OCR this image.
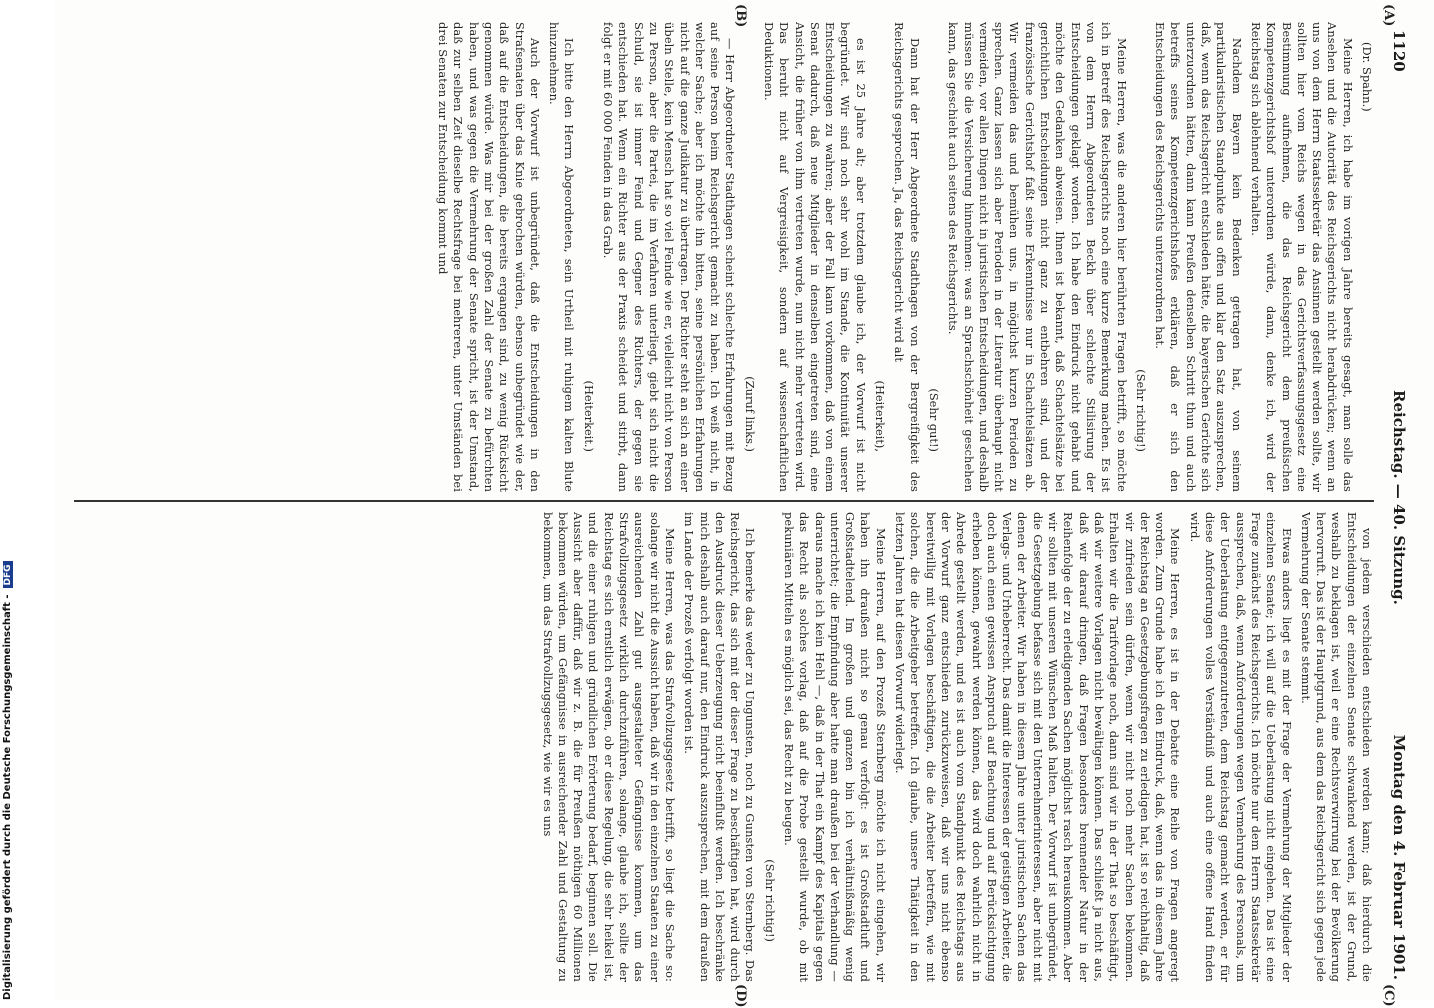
1120
Reichstag. — 40. Sitzung.
Montag den 4. Februar 1901.
(A)
(B)
(C)
(D)

(Dr. Spahn.)

Meine Herren, ich habe im vorigen Jahre bereits gesagt, man solle das Ansehen und die Autorität des Reichsgerichts nicht herabdrücken; wenn an uns von dem Herrn Staatssekretär das Ansinnen gestellt werden sollte, wir sollten hier vom Reichs wegen in das Gerichtsverfassungsgesetz eine Bestimmung aufnehmen, die das Reichsgericht dem preußischen Kompetenzgerichtshof unterordnen würde, dann, denke ich, wird der Reichstag sich ablehnend verhalten.

Nachdem Bayern kein Bedenken getragen hat, von seinem partikularistischen Standpunkte aus offen und klar den Satz auszusprechen, daß, wenn das Reichsgericht entschieden hätte, die bayerischen Gerichte sich unterzuordnen hätten, dann kann Preußen denselben Schritt thun und auch betreffs seines Kompetenzgerichtshofes erklären, daß er sich den Entscheidungen des Reichsgerichts unterzuordnen hat.

(Sehr richtig!)

Meine Herren, was die anderen hier berührten Fragen betrifft, so möchte ich in Betreff des Reichsgerichts noch eine kurze Bemerkung machen. Es ist von dem Herrn Abgeordneten Beckh über schlechte Stilisirung der Entscheidungen geklagt worden. Ich habe den Eindruck nicht gehabt und möchte den Gedanken abweisen. Ihnen ist bekannt, daß Schachtelsätze bei gerichtlichen Entscheidungen nicht ganz zu entbehren sind, und der französische Gerichtshof faßt seine Erkenntnisse nur in Schachtelsätzen ab. Wir vermeiden das und bemühen uns, in möglichst kurzen Perioden zu sprechen. Ganz lassen sich aber Perioden in der Literatur überhaupt nicht vermeiden, vor allen Dingen nicht in juristischen Entscheidungen, und deshalb müssen Sie die Versicherung hinnehmen: was an Sprachschönheit geschehen kann, das geschieht auch seitens des Reichsgerichts.

(Sehr gut!)

Dann hat der Herr Abgeordnete Stadthagen von der Bergreifigkeit des Reichsgerichts gesprochen. Ja, das Reichsgericht wird alt

(Heiterkeit),

es ist 25 Jahre alt; aber trotzdem glaube ich, der Vorwurf ist nicht begründet. Wir sind noch sehr wohl im Stande, die Kontinuität unserer Entscheidungen zu wahren; aber der Fall kann vorkommen, daß von einem Senat dadurch, daß neue Mitglieder in denselben eingetreten sind, eine Ansicht, die früher von ihm vertreten wurde, nun nicht mehr vertreten wird. Das beruht nicht auf Vergreisigkeit, sondern auf wissenschaftlichen Deduktionen.

(Zuruf links.)

— Herr Abgeordneter Stadthagen scheint schlechte Erfahrungen mit Bezug auf seine Person beim Reichsgericht gemacht zu haben. Ich weiß nicht, in welcher Sache; aber ich möchte ihn bitten, seine persönlichen Erfahrungen nicht auf die ganze Judikatur zu übertragen. Der Richter steht an sich an einer übeln Stelle, kein Mensch hat so viel Feinde wie er, vielleicht nicht von Person zu Person, aber die Partei, die im Verfahren unterliegt, giebt sich nicht die Schuld, sie ist immer Feind und Gegner des Richters, der gegen sie entschieden hat. Wenn ein Richter aus der Praxis scheidet und stirbt, dann folgt er mit 60 000 Feinden in das Grab.

(Heiterkeit.)

Ich bitte den Herrn Abgeordneten, sein Urtheil mit ruhigem kalten Blute hinzunehmen.

Auch der Vorwurf ist unbegründet, daß die Entscheidungen in den Strafsenaten über das Knie gebrochen würden, ebenso unbegründet wie der, daß auf die Entscheidungen, die bereits ergangen sind, zu wenig Rücksicht genommen würde. Was mir bei der großen Zahl der Senate zu befürchten haben, und was gegen die Vermehrung der Senate spricht, ist der Umstand, daß zur selben Zeit dieselbe Rechtsfrage bei mehreren, unter Umständen bei drei Senaten zur Entscheidung kommt und

von jedem verschieden entschieden werden kann; daß hierdurch die Entscheidungen der einzelnen Senate schwankend werden, ist der Grund, weshalb zu beklagen ist, weil er eine Rechtsverwirrung bei der Bevölkerung hervorruft. Das ist der Hauptgrund, aus dem das Reichsgericht sich gegen jede Vermehrung der Senate stemmt.

Etwas anders liegt es mit der Frage der Vermehrung der Mitglieder der einzelnen Senate; ich will auf die Ueberlastung nicht eingehen. Das ist eine Frage zunächst des Reichsgerichts. Ich möchte nur dem Herrn Staatssekretär aussprechen, daß, wenn Anforderungen wegen Vermehrung des Personals, um der Ueberlastung entgegenzutreten, dem Reichstag gemacht werden, er für diese Anforderungen volles Verständniß und auch eine offene Hand finden wird.

Meine Herren, es ist in der Debatte eine Reihe von Fragen angeregt worden. Zum Grunde habe ich den Eindruck, daß, wenn das in diesem Jahre der Reichstag an Gesetzgebungsfragen zu erledigen hat, ist so reichhaltig, daß wir zufrieden sein dürfen, wenn wir nicht noch mehr Sachen bekommen. Erhalten wir die Tarifvorlage noch, dann sind wir in der That so beschäftigt, daß wir weitere Vorlagen nicht bewältigen können. Das schließt ja nicht aus, daß wir darauf dringen, daß Fragen besonders brennender Natur in der Reihenfolge der zu erledigenden Sachen möglichst rasch herauskommen. Aber wir sollten mit unseren Wünschen Maß halten. Der Vorwurf ist unbegründet, die Gesetzgebung befasse sich mit den Unternehmerinteressen, aber nicht mit denen der Arbeiter. Wir haben in diesem Jahre unter juristischen Sachen das Verlags- und Urheberrecht. Das damit die Interessen der geistigen Arbeiter, die doch auch einen gewissen Anspruch auf Beachtung und auf Berücksichtigung erheben können, gewahrt werden können, das wird doch wahrlich nicht in Abrede gestellt werden, und es ist auch vom Standpunkt des Reichstags aus der Vorwurf ganz entschieden zurückzuweisen, daß wir uns nicht ebenso bereitwillig mit Vorlagen beschäftigen, die die Arbeiter betreffen, wie mit solchen, die die Arbeitgeber betreffen. Ich glaube, unsere Thätigkeit in den letzten Jahren hat diesen Vorwurf widerlegt.

Meine Herren, auf den Prozeß Sternberg möchte ich nicht eingehen, wir haben ihn draußen nicht so genau verfolgt: es ist Großstadtluft und Großstadtelend. Im großen und ganzen bin ich verhältnißmäßig wenig unterrichtet; die Empfindung aber hatte man draußen bei der Verhandlung — daraus mache ich kein Hehl —, daß in der That ein Kampf des Kapitals gegen das Recht als solches vorlag, daß auf die Probe gestellt wurde, ob mit pekuniären Mitteln es möglich sei, das Recht zu beugen.

(Sehr richtig!)

Ich bemerke das weder zu Ungunsten, noch zu Gunsten von Sternberg. Das Reichsgericht, das sich mit der dieser Frage zu beschäftigen hat, wird durch den Ausdruck dieser Ueberzeugung nicht beeinflußt werden. Ich beschränke mich deshalb auch darauf nur, den Eindruck auszusprechen, mit dem draußen im Lande der Prozeß verfolgt worden ist.

Meine Herren, was das Strafvollzugsgesetz betrifft, so liegt die Sache so: solange wir nicht die Aussicht haben, daß wir in den einzelnen Staaten zu einer ausreichenden Zahl gut ausgestalteter Gefängnisse kommen, um das Strafvollzugsgesetz wirklich durchzuführen, solange, glaube ich, sollte der Reichstag es sich ernstlich erwägen, ob er diese Regelung, die sehr heikel ist, und die einer ruhigen und gründlichen Erörterung bedarf, beginnen soll. Die Aussicht aber daffür, daß wir z. B. die für Preußen nöthigen 60 Millionen bekommen würden, um Gefängnisse in ausreichender Zahl und Gestaltung zu bekommen, um das Strafvollzugsgesetz, wie wir es uns

Digitalisierung gefördert durch die Deutsche Forschungsgemeinschaft -DFG
